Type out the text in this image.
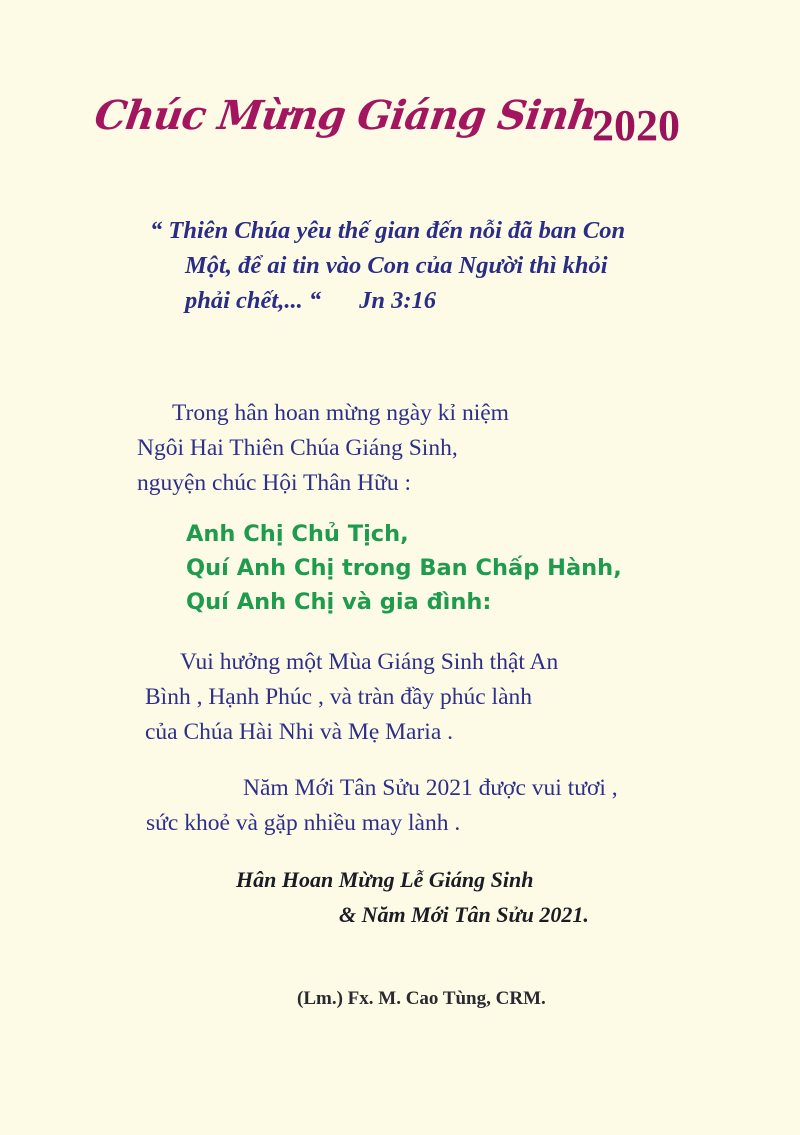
Chúc Mừng Giáng Sinh
2020
“ Thiên Chúa yêu thế gian đến nỗi đã ban Con
Một, để ai tin vào Con của Người thì khỏi
phải chết,... “ Jn 3:16
Trong hân hoan mừng ngày kỉ niệm
Ngôi Hai Thiên Chúa Giáng Sinh,
nguyện chúc Hội Thân Hữu :
Anh Chị Chủ Tịch,
Quí Anh Chị trong Ban Chấp Hành,
Quí Anh Chị và gia đình:
Vui hưởng một Mùa Giáng Sinh thật An
Bình , Hạnh Phúc , và tràn đầy phúc lành
của Chúa Hài Nhi và Mẹ Maria .
Năm Mới Tân Sửu 2021 được vui tươi ,
sức khoẻ và gặp nhiều may lành .
Hân Hoan Mừng Lễ Giáng Sinh
& Năm Mới Tân Sửu 2021.
(Lm.) Fx. M. Cao Tùng, CRM.
